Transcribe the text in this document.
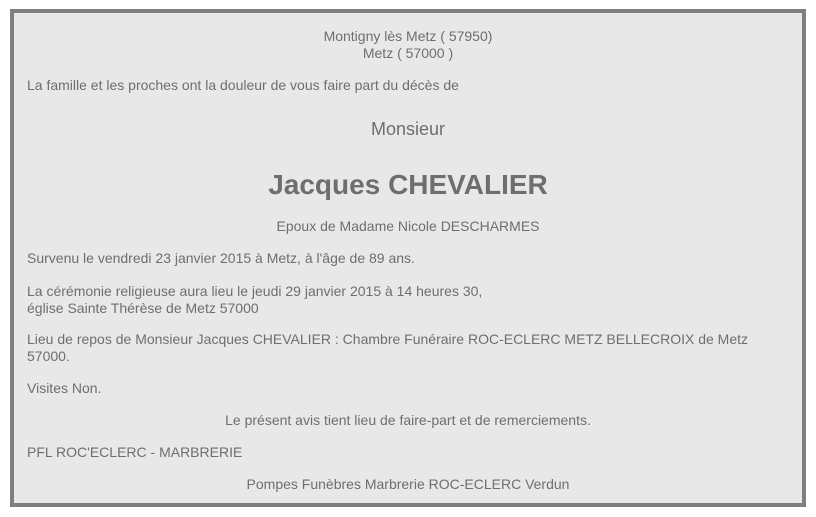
Montigny lès Metz ( 57950)
Metz ( 57000 )
La famille et les proches ont la douleur de vous faire part du décès de
Monsieur
Jacques CHEVALIER
Epoux de Madame Nicole DESCHARMES
Survenu le vendredi 23 janvier 2015 à Metz, à l'âge de 89 ans.
La cérémonie religieuse aura lieu le jeudi 29 janvier 2015 à 14 heures 30,
église Sainte Thérèse de Metz 57000
Lieu de repos de Monsieur Jacques CHEVALIER : Chambre Funéraire ROC-ECLERC METZ BELLECROIX de Metz
57000.
Visites Non.
Le présent avis tient lieu de faire-part et de remerciements.
PFL ROC'ECLERC - MARBRERIE
Pompes Funèbres Marbrerie ROC-ECLERC Verdun
